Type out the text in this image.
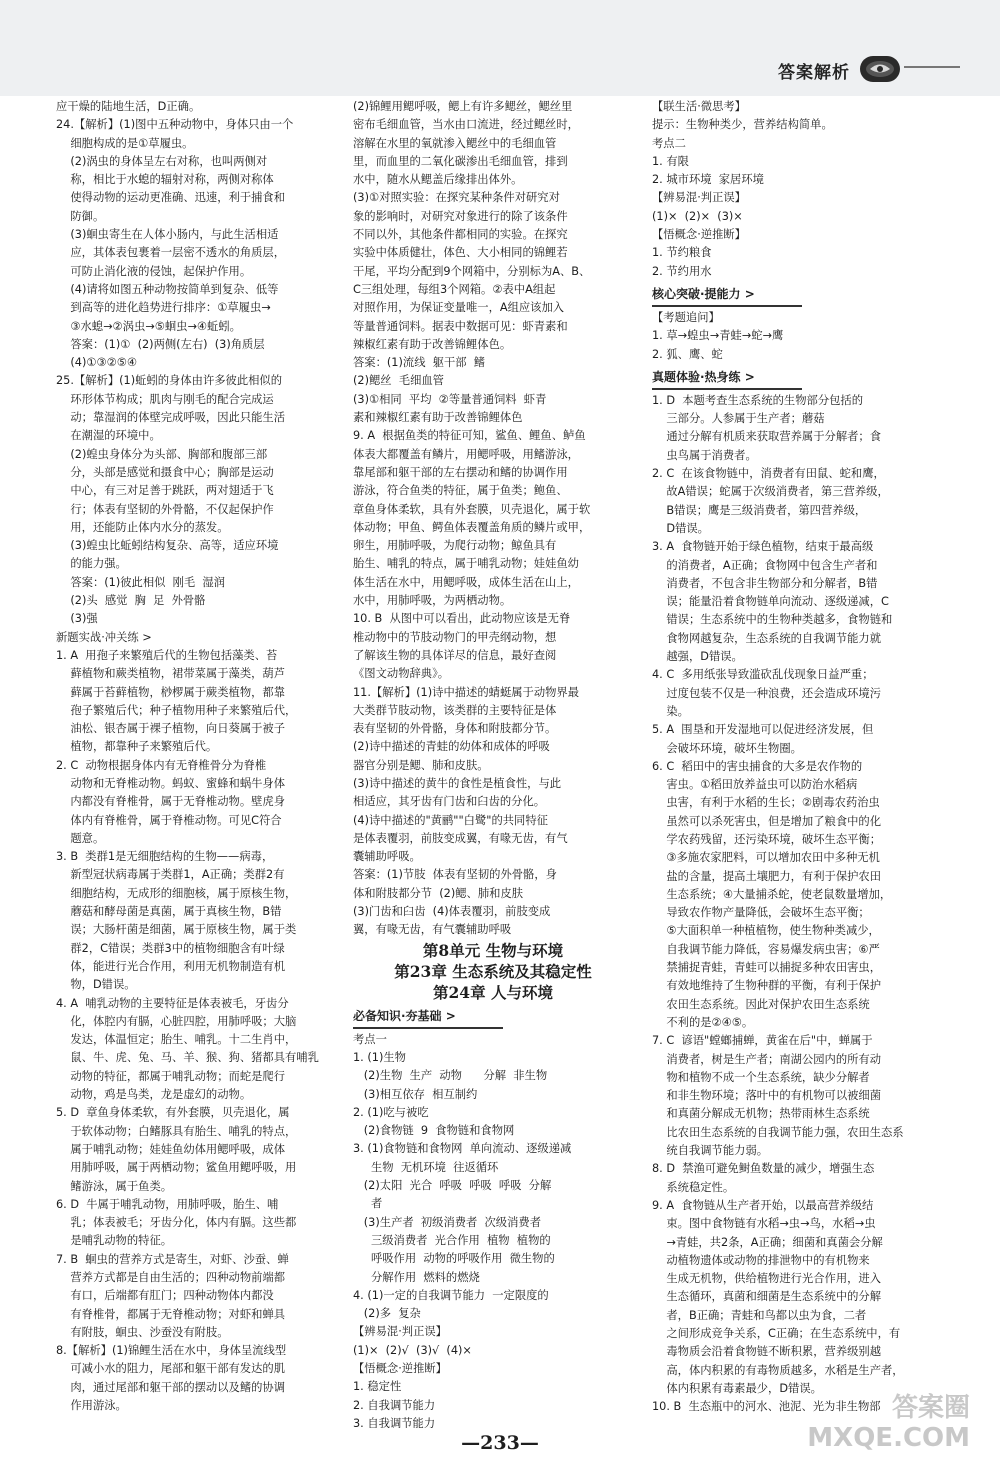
答案解析
应干燥的陆地生活，D正确。
24.【解析】(1)图中五种动物中，身体只由一个
细胞构成的是①草履虫。
(2)涡虫的身体呈左右对称，也叫两侧对
称，相比于水螅的辐射对称，两侧对称体
使得动物的运动更准确、迅速，利于捕食和
防御。
(3)蛔虫寄生在人体小肠内，与此生活相适
应，其体表包裹着一层密不透水的角质层，
可防止消化液的侵蚀，起保护作用。
(4)请将如图五种动物按简单到复杂、低等
到高等的进化趋势进行排序：①草履虫→
③水螅→②涡虫→⑤蛔虫→④蚯蚓。
答案：(1)①  (2)两侧(左右)  (3)角质层
(4)①③②⑤④
25.【解析】(1)蚯蚓的身体由许多彼此相似的
环形体节构成；肌肉与刚毛的配合完成运
动；靠湿润的体壁完成呼吸，因此只能生活
在潮湿的环境中。
(2)蝗虫身体分为头部、胸部和腹部三部
分，头部是感觉和摄食中心；胸部是运动
中心，有三对足善于跳跃，两对翅适于飞
行；体表有坚韧的外骨骼，不仅起保护作
用，还能防止体内水分的蒸发。
(3)蝗虫比蚯蚓结构复杂、高等，适应环境
的能力强。
答案：(1)彼此相似  刚毛  湿润
(2)头  感觉  胸  足  外骨骼
(3)强
新题实战·冲关练 >
1. A  用孢子来繁殖后代的生物包括藻类、苔
藓植物和蕨类植物，裙带菜属于藻类，葫芦
藓属于苔藓植物，桫椤属于蕨类植物，都靠
孢子繁殖后代；种子植物用种子来繁殖后代，
油松、银杏属于裸子植物，向日葵属于被子
植物，都靠种子来繁殖后代。
2. C  动物根据身体内有无脊椎骨分为脊椎
动物和无脊椎动物。蚂蚁、蜜蜂和蜗牛身体
内都没有脊椎骨，属于无脊椎动物。壁虎身
体内有脊椎骨，属于脊椎动物。可见C符合
题意。
3. B  类群1是无细胞结构的生物——病毒，
新型冠状病毒属于类群1，A正确；类群2有
细胞结构，无成形的细胞核，属于原核生物，
蘑菇和酵母菌是真菌，属于真核生物，B错
误；大肠杆菌是细菌，属于原核生物，属于类
群2，C错误；类群3中的植物细胞含有叶绿
体，能进行光合作用，利用无机物制造有机
物，D错误。
4. A  哺乳动物的主要特征是体表被毛，牙齿分
化，体腔内有膈，心脏四腔，用肺呼吸；大脑
发达，体温恒定；胎生、哺乳。十二生肖中，
鼠、牛、虎、兔、马、羊、猴、狗、猪都具有哺乳
动物的特征，都属于哺乳动物；而蛇是爬行
动物，鸡是鸟类，龙是虚幻的动物。
5. D  章鱼身体柔软，有外套膜，贝壳退化，属
于软体动物；白鳍豚具有胎生、哺乳的特点，
属于哺乳动物；娃娃鱼幼体用鳃呼吸，成体
用肺呼吸，属于两栖动物；鲨鱼用鳃呼吸，用
鳍游泳，属于鱼类。
6. D  牛属于哺乳动物，用肺呼吸，胎生、哺
乳；体表被毛；牙齿分化，体内有膈。这些都
是哺乳动物的特征。
7. B  蛔虫的营养方式是寄生，对虾、沙蚕、蝉
营养方式都是自由生活的；四种动物前端都
有口，后端都有肛门；四种动物体内都没
有脊椎骨，都属于无脊椎动物；对虾和蝉具
有附肢，蛔虫、沙蚕没有附肢。
8.【解析】(1)锦鲤生活在水中，身体呈流线型
可减小水的阻力，尾部和躯干部有发达的肌
肉，通过尾部和躯干部的摆动以及鳍的协调
作用游泳。
(2)锦鲤用鳃呼吸，鳃上有许多鳃丝，鳃丝里
密布毛细血管，当水由口流进，经过鳃丝时，
溶解在水里的氧就渗入鳃丝中的毛细血管
里，而血里的二氧化碳渗出毛细血管，排到
水中，随水从鳃盖后缘排出体外。
(3)①对照实验：在探究某种条件对研究对
象的影响时，对研究对象进行的除了该条件
不同以外，其他条件都相同的实验。在探究
实验中体质健壮，体色、大小相同的锦鲤若
干尾，平均分配到9个网箱中，分别标为A、B、
C三组处理，每组3个网箱。②表中A组起
对照作用，为保证变量唯一，A组应该加入
等量普通饲料。据表中数据可见：虾青素和
辣椒红素有助于改善锦鲤体色。
答案：(1)流线  躯干部  鳍
(2)鳃丝  毛细血管
(3)①相同  平均  ②等量普通饲料  虾青
素和辣椒红素有助于改善锦鲤体色
9. A  根据鱼类的特征可知，鲨鱼、鲤鱼、鲈鱼
体表大都覆盖有鳞片，用鳃呼吸，用鳍游泳，
靠尾部和躯干部的左右摆动和鳍的协调作用
游泳，符合鱼类的特征，属于鱼类；鲍鱼、
章鱼身体柔软，具有外套膜，贝壳退化，属于软
体动物；甲鱼、鳄鱼体表覆盖角质的鳞片或甲，
卵生，用肺呼吸，为爬行动物；鲸鱼具有
胎生、哺乳的特点，属于哺乳动物；娃娃鱼幼
体生活在水中，用鳃呼吸，成体生活在山上，
水中，用肺呼吸，为两栖动物。
10. B  从图中可以看出，此动物应该是无脊
椎动物中的节肢动物门的甲壳纲动物，想
了解该生物的具体详尽的信息，最好查阅
《图文动物辞典》。
11.【解析】(1)诗中描述的蜻蜓属于动物界最
大类群节肢动物，该类群的主要特征是体
表有坚韧的外骨骼，身体和附肢都分节。
(2)诗中描述的青蛙的幼体和成体的呼吸
器官分别是鳃、肺和皮肤。
(3)诗中描述的黄牛的食性是植食性，与此
相适应，其牙齿有门齿和臼齿的分化。
(4)诗中描述的"黄鹂""白鹭"的共同特征
是体表覆羽，前肢变成翼，有喙无齿，有气
囊辅助呼吸。
答案：(1)节肢  体表有坚韧的外骨骼，身
体和附肢都分节  (2)鳃、肺和皮肤
(3)门齿和臼齿  (4)体表覆羽，前肢变成
翼，有喙无齿，有气囊辅助呼吸
第8单元 生物与环境
第23章 生态系统及其稳定性
第24章 人与环境
必备知识·夯基础 >
考点一
1. (1)生物
(2)生物  生产  动物      分解  非生物
(3)相互依存  相互制约
2. (1)吃与被吃
(2)食物链  9  食物链和食物网
3. (1)食物链和食物网  单向流动、逐级递减
生物  无机环境  往返循环
(2)太阳  光合  呼吸  呼吸  呼吸  分解
者
(3)生产者  初级消费者  次级消费者
三级消费者  光合作用  植物  植物的
呼吸作用  动物的呼吸作用  微生物的
分解作用  燃料的燃烧
4. (1)一定的自我调节能力  一定限度的
(2)多  复杂
【辨易混·判正误】
(1)×  (2)√  (3)√  (4)×
【悟概念·逆推断】
1. 稳定性
2. 自我调节能力
3. 自我调节能力
【联生活·微思考】
提示：生物种类少，营养结构简单。
考点二
1. 有限
2. 城市环境  家居环境
【辨易混·判正误】
(1)×  (2)×  (3)×
【悟概念·逆推断】
1. 节约粮食
2. 节约用水
核心突破·提能力 >
【考题追问】
1. 草→蝗虫→青蛙→蛇→鹰
2. 狐、鹰、蛇
真题体验·热身练 >
1. D  本题考查生态系统的生物部分包括的
三部分。人参属于生产者；蘑菇
通过分解有机质来获取营养属于分解者；食
虫鸟属于消费者。
2. C  在该食物链中，消费者有田鼠、蛇和鹰，
故A错误；蛇属于次级消费者，第三营养级，
B错误；鹰是三级消费者，第四营养级，
D错误。
3. A  食物链开始于绿色植物，结束于最高级
的消费者，A正确；食物网中包含生产者和
消费者，不包含非生物部分和分解者，B错
误；能量沿着食物链单向流动、逐级递减，C
错误；生态系统中的生物种类越多，食物链和
食物网越复杂，生态系统的自我调节能力就
越强，D错误。
4. C  多用纸张导致滥砍乱伐现象日益严重；
过度包装不仅是一种浪费，还会造成环境污
染。
5. A  围垦和开发湿地可以促进经济发展，但
会破坏环境，破坏生物圈。
6. C  稻田中的害虫捕食的大多是农作物的
害虫。①稻田放养益虫可以防治水稻病
虫害，有利于水稻的生长；②剧毒农药治虫
虽然可以杀死害虫，但是增加了粮食中的化
学农药残留，还污染环境，破坏生态平衡；
③多施农家肥料，可以增加农田中多种无机
盐的含量，提高土壤肥力，有利于保护农田
生态系统；④大量捕杀蛇，使老鼠数量增加，
导致农作物产量降低，会破坏生态平衡；
⑤大面积单一种植植物，使生物种类减少，
自我调节能力降低，容易爆发病虫害；⑥严
禁捕捉青蛙，青蛙可以捕捉多种农田害虫，
有效地维持了生物种群的平衡，有利于保护
农田生态系统。因此对保护农田生态系统
不利的是②④⑤。
7. C  谚语"螳螂捕蝉，黄雀在后"中，蝉属于
消费者，树是生产者；南湖公园内的所有动
物和植物不成一个生态系统，缺少分解者
和非生物环境；落叶中的有机物可以被细菌
和真菌分解成无机物；热带雨林生态系统
比农田生态系统的自我调节能力强，农田生态系
统自我调节能力弱。
8. D  禁渔可避免鲥鱼数量的减少，增强生态
系统稳定性。
9. A  食物链从生产者开始，以最高营养级结
束。图中食物链有水稻→虫→鸟，水稻→虫
→青蛙，共2条，A正确；细菌和真菌会分解
动植物遗体或动物的排泄物中的有机物来
生成无机物，供给植物进行光合作用，进入
生态循环，真菌和细菌是生态系统中的分解
者，B正确；青蛙和鸟都以虫为食，二者
之间形成竞争关系，C正确；在生态系统中，有
毒物质会沿着食物链不断积累，营养级别越
高，体内积累的有毒物质越多，水稻是生产者，
体内积累有毒素最少，D错误。
10. B  生态瓶中的河水、池泥、光为非生物部
—233—
答案圈
MXQE.COM
